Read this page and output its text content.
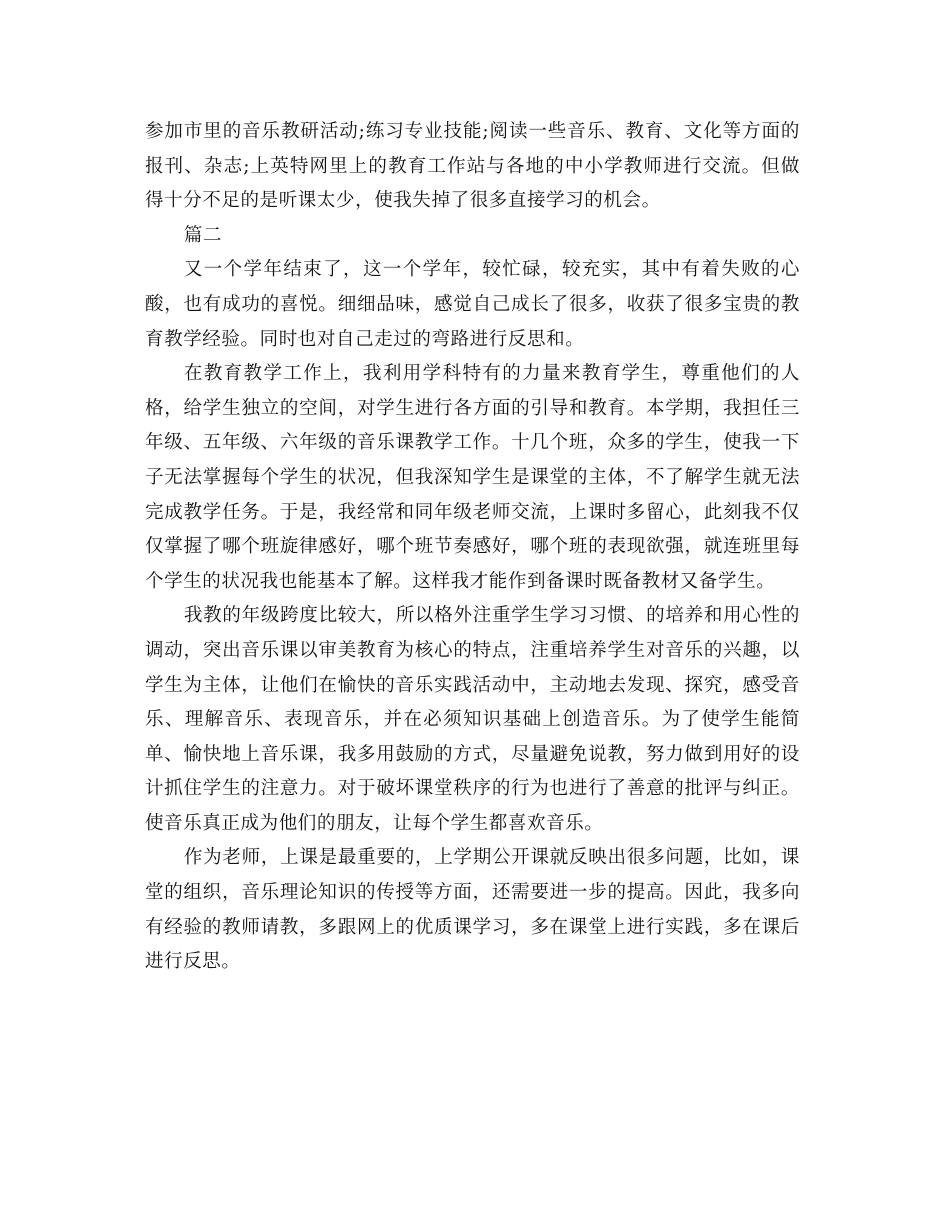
参加市里的音乐教研活动;练习专业技能;阅读一些音乐、教育、文化等方面的报刊、杂志;上英特网里上的教育工作站与各地的中小学教师进行交流。但做得十分不足的是听课太少，使我失掉了很多直接学习的机会。

篇二

又一个学年结束了，这一个学年，较忙碌，较充实，其中有着失败的心酸，也有成功的喜悦。细细品味，感觉自己成长了很多，收获了很多宝贵的教育教学经验。同时也对自己走过的弯路进行反思和。

在教育教学工作上，我利用学科特有的力量来教育学生，尊重他们的人格，给学生独立的空间，对学生进行各方面的引导和教育。本学期，我担任三年级、五年级、六年级的音乐课教学工作。十几个班，众多的学生，使我一下子无法掌握每个学生的状况，但我深知学生是课堂的主体，不了解学生就无法完成教学任务。于是，我经常和同年级老师交流，上课时多留心，此刻我不仅仅掌握了哪个班旋律感好，哪个班节奏感好，哪个班的表现欲强，就连班里每个学生的状况我也能基本了解。这样我才能作到备课时既备教材又备学生。

我教的年级跨度比较大，所以格外注重学生学习习惯、的培养和用心性的调动，突出音乐课以审美教育为核心的特点，注重培养学生对音乐的兴趣，以学生为主体，让他们在愉快的音乐实践活动中，主动地去发现、探究，感受音乐、理解音乐、表现音乐，并在必须知识基础上创造音乐。为了使学生能简单、愉快地上音乐课，我多用鼓励的方式，尽量避免说教，努力做到用好的设计抓住学生的注意力。对于破坏课堂秩序的行为也进行了善意的批评与纠正。使音乐真正成为他们的朋友，让每个学生都喜欢音乐。

作为老师，上课是最重要的，上学期公开课就反映出很多问题，比如，课堂的组织，音乐理论知识的传授等方面，还需要进一步的提高。因此，我多向有经验的教师请教，多跟网上的优质课学习，多在课堂上进行实践，多在课后进行反思。
